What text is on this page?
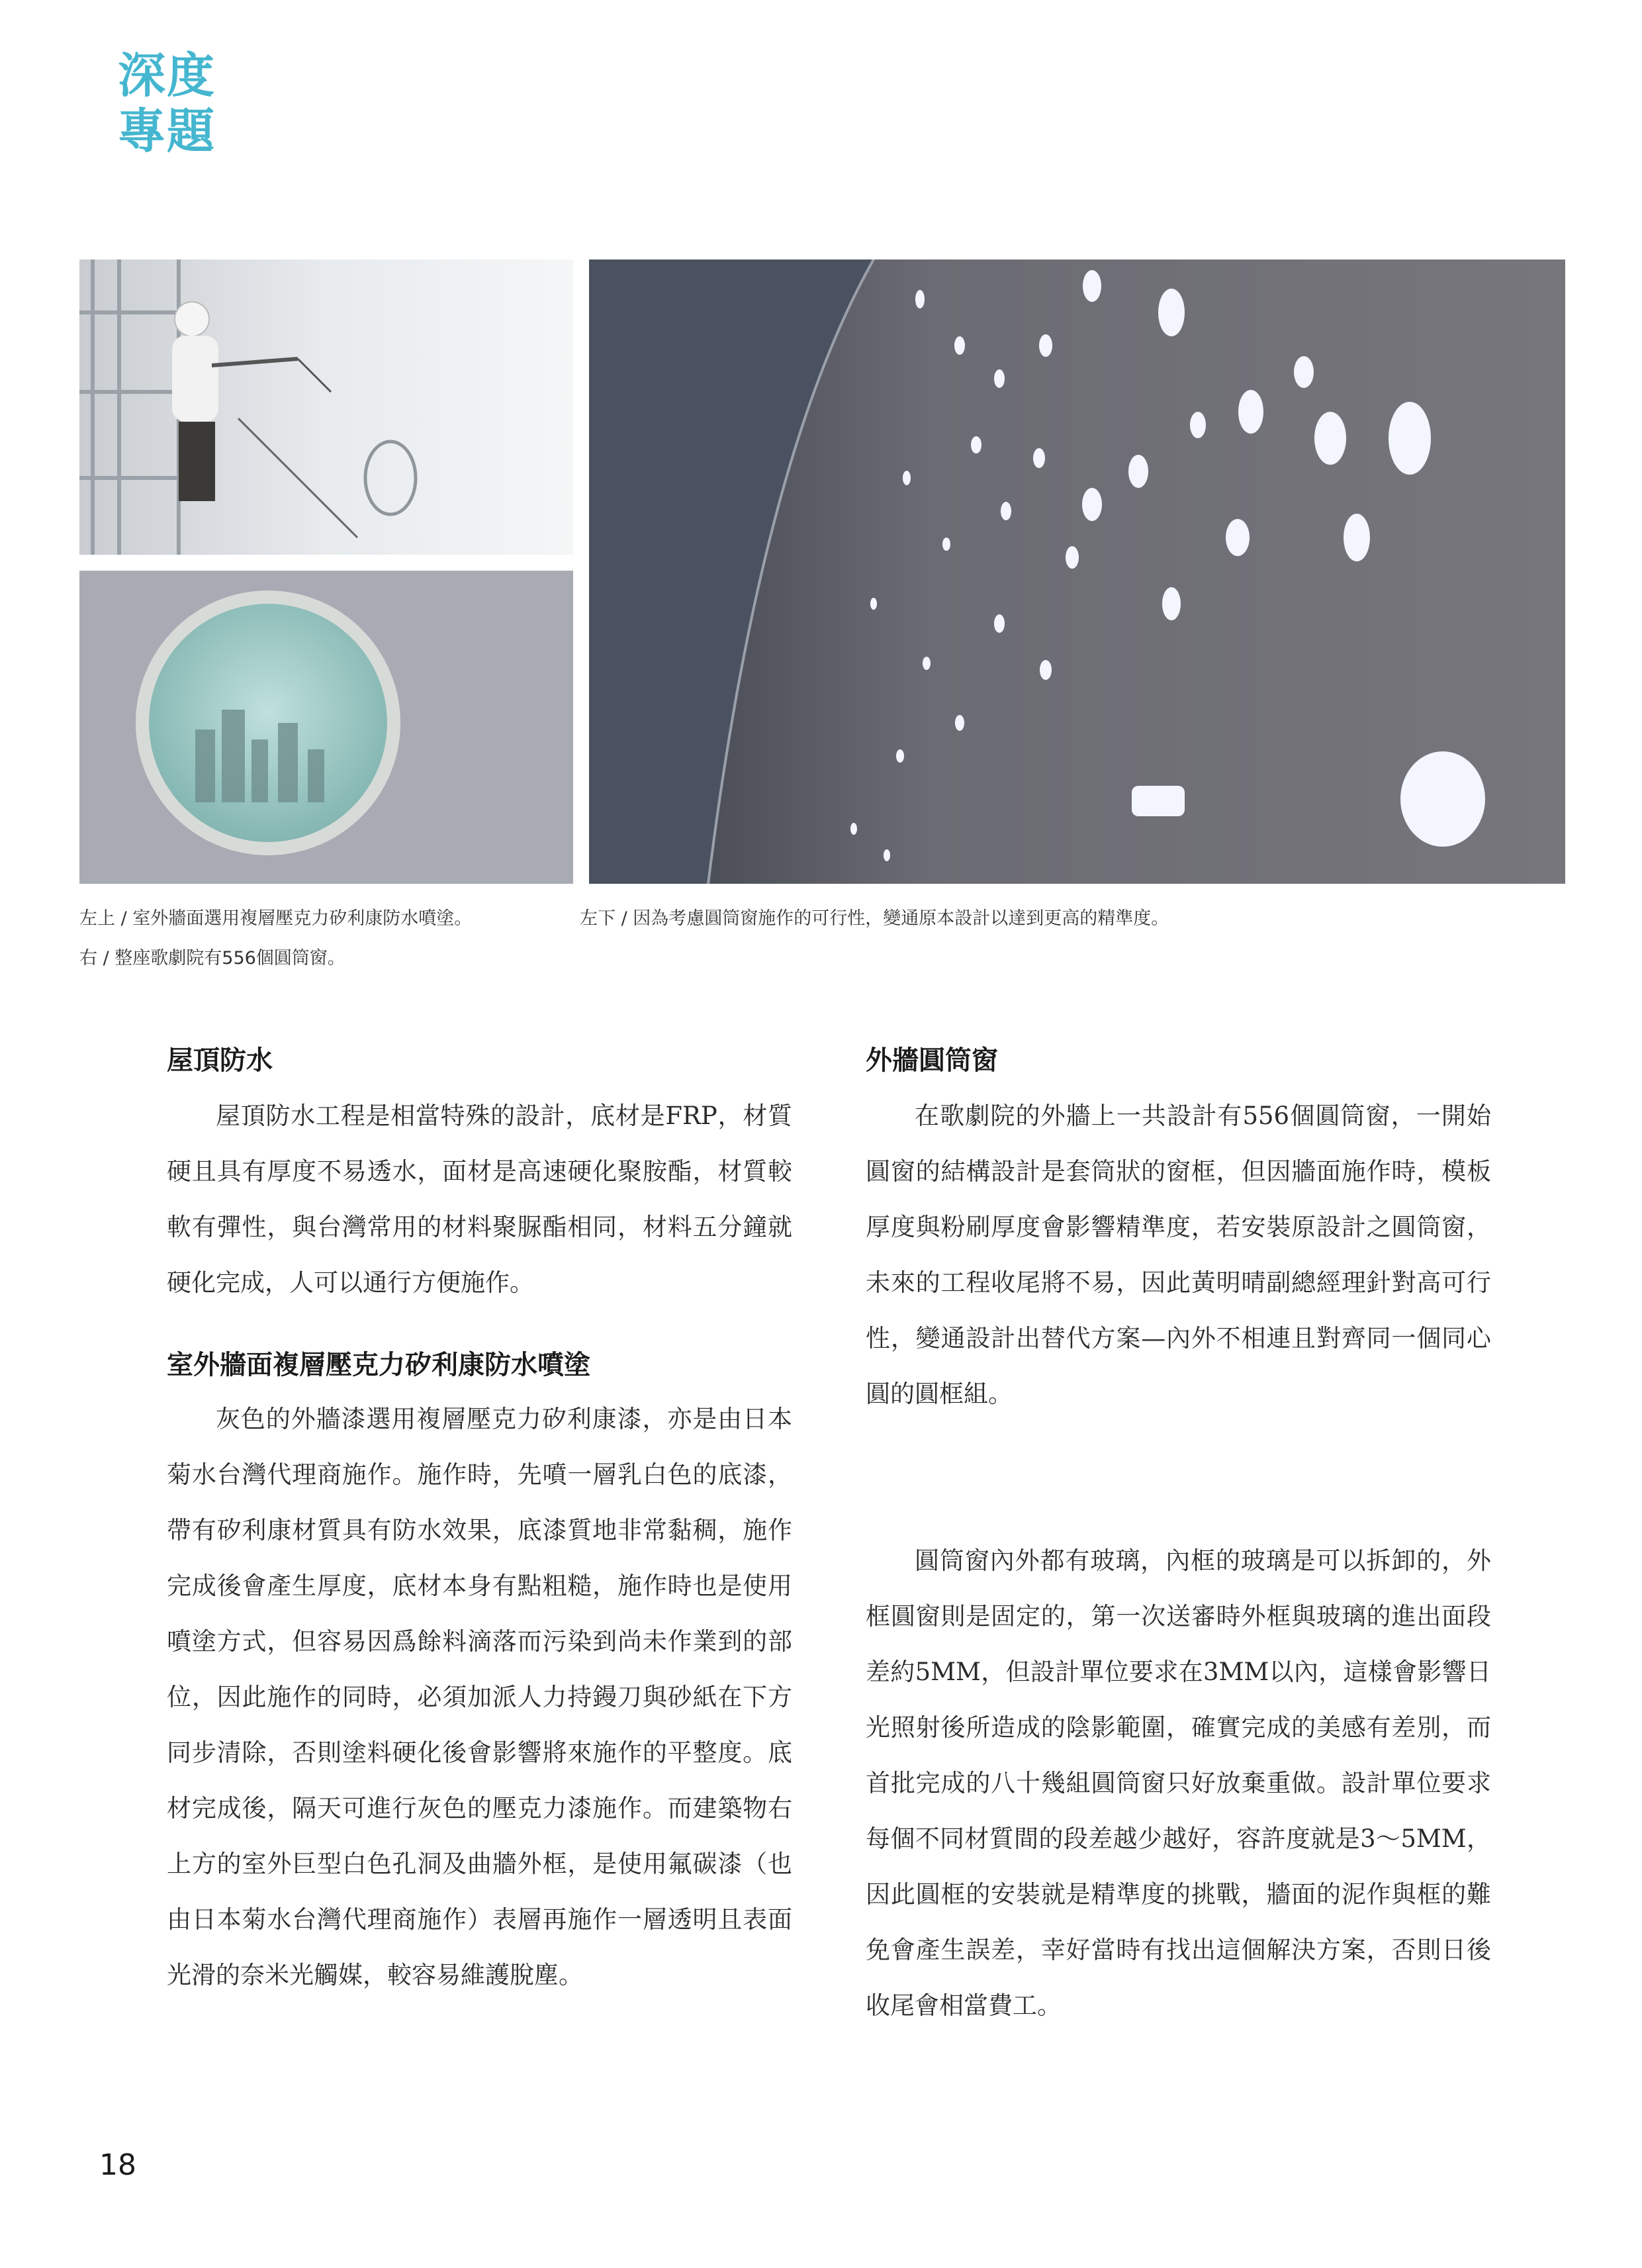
深度
專題
左上 / 室外牆面選用複層壓克力矽利康防水噴塗。	左下 / 因為考慮圓筒窗施作的可行性，變通原本設計以達到更高的精準度。
右 / 整座歌劇院有556個圓筒窗。
屋頂防水

屋頂防水工程是相當特殊的設計，底材是FRP，材質硬且具有厚度不易透水，面材是高速硬化聚胺酯，材質較軟有彈性，與台灣常用的材料聚脲酯相同，材料五分鐘就硬化完成，人可以通行方便施作。

室外牆面複層壓克力矽利康防水噴塗

灰色的外牆漆選用複層壓克力矽利康漆，亦是由日本菊水台灣代理商施作。施作時，先噴一層乳白色的底漆，帶有矽利康材質具有防水效果，底漆質地非常黏稠，施作完成後會產生厚度，底材本身有點粗糙，施作時也是使用噴塗方式，但容易因爲餘料滴落而污染到尚未作業到的部位，因此施作的同時，必須加派人力持鏝刀與砂紙在下方同步清除，否則塗料硬化後會影響將來施作的平整度。底材完成後，隔天可進行灰色的壓克力漆施作。而建築物右上方的室外巨型白色孔洞及曲牆外框，是使用氟碳漆（也由日本菊水台灣代理商施作）表層再施作一層透明且表面光滑的奈米光觸媒，較容易維護脫塵。

外牆圓筒窗

在歌劇院的外牆上一共設計有556個圓筒窗，一開始圓窗的結構設計是套筒狀的窗框，但因牆面施作時，模板厚度與粉刷厚度會影響精準度，若安裝原設計之圓筒窗，未來的工程收尾將不易，因此黃明晴副總經理針對高可行性，變通設計出替代方案—內外不相連且對齊同一個同心圓的圓框組。

圓筒窗內外都有玻璃，內框的玻璃是可以拆卸的，外框圓窗則是固定的，第一次送審時外框與玻璃的進出面段差約5MM，但設計單位要求在3MM以內，這樣會影響日光照射後所造成的陰影範圍，確實完成的美感有差別，而首批完成的八十幾組圓筒窗只好放棄重做。設計單位要求每個不同材質間的段差越少越好，容許度就是3～5MM，因此圓框的安裝就是精準度的挑戰，牆面的泥作與框的難免會產生誤差，幸好當時有找出這個解決方案，否則日後收尾會相當費工。

18
